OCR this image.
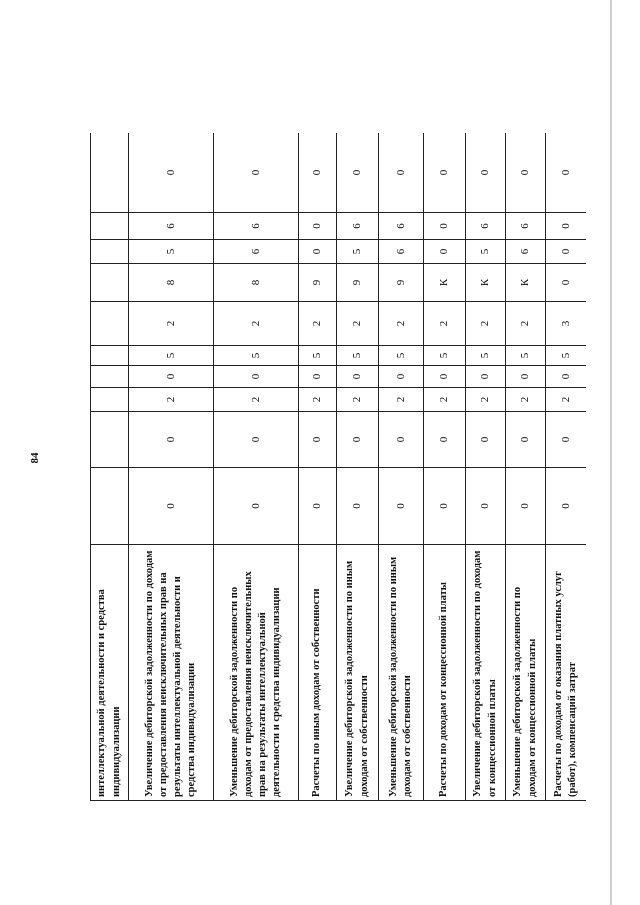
84
интеллектуальной деятельности и средства индивидуализации										
Увеличение дебиторской задолженности по доходам от предоставления неисключительных прав на результаты интеллектуальной деятельности и средства индивидуализации	0	0	2	0	5	2	8	5	6	0
Уменьшение дебиторской задолженности по доходам от предоставления неисключительных прав на результаты интеллектуальной деятельности и средства индивидуализации	0	0	2	0	5	2	8	6	6	0
Расчеты по иным доходам от собственности	0	0	2	0	5	2	9	0	0	0
Увеличение дебиторской задолженности по иным доходам от собственности	0	0	2	0	5	2	9	5	6	0
Уменьшение дебиторской задолженности по иным доходам от собственности	0	0	2	0	5	2	9	6	6	0
Расчеты по доходам от концессионной платы	0	0	2	0	5	2	К	0	0	0
Увеличение дебиторской задолженности по доходам от концессионной платы	0	0	2	0	5	2	К	5	6	0
Уменьшение дебиторской задолженности по доходам от концессионной платы	0	0	2	0	5	2	К	6	6	0
Расчеты по доходам от оказания платных услуг (работ), компенсаций затрат	0	0	2	0	5	3	0	0	0	0
